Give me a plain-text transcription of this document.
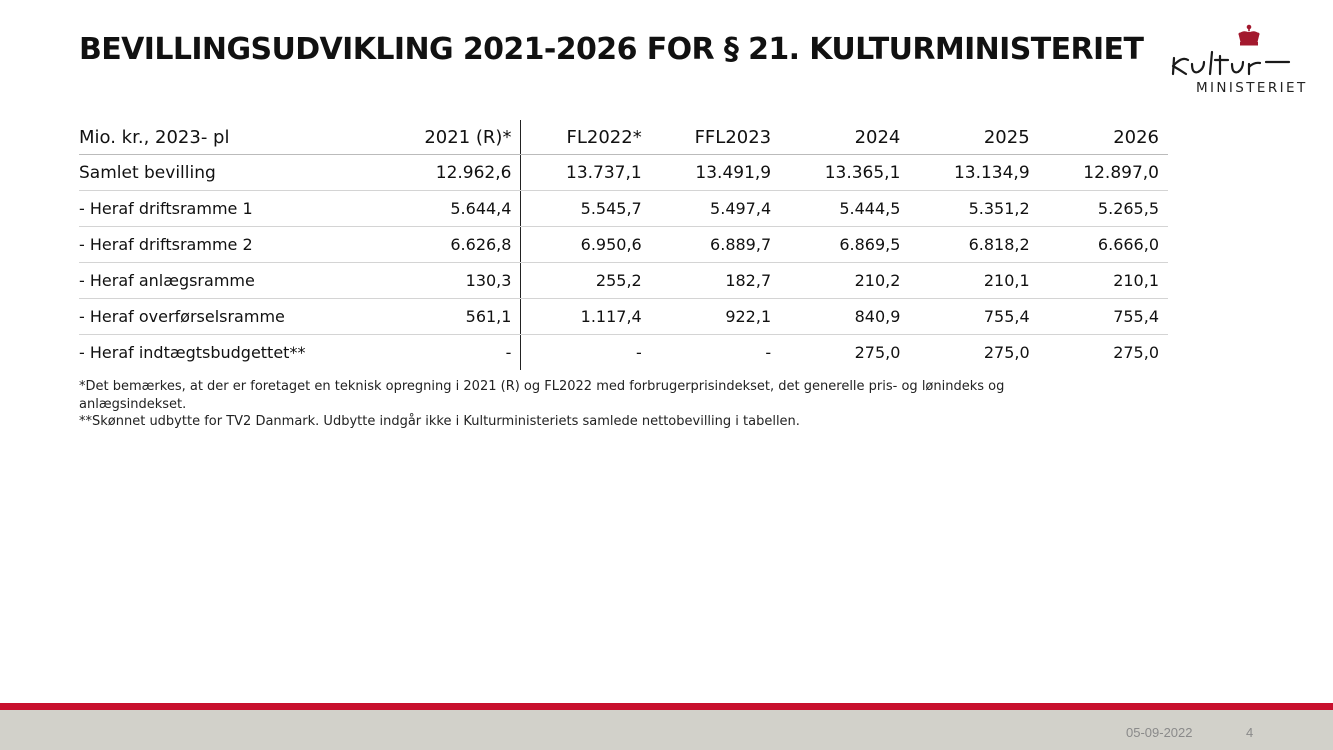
BEVILLINGSUDVIKLING 2021-2026 FOR § 21. KULTURMINISTERIET
MINISTERIET
Mio. kr., 2023- pl	2021 (R)*	FL2022*	FFL2023	2024	2025	2026
Samlet bevilling	12.962,6	13.737,1	13.491,9	13.365,1	13.134,9	12.897,0
- Heraf driftsramme 1	5.644,4	5.545,7	5.497,4	5.444,5	5.351,2	5.265,5
- Heraf driftsramme 2	6.626,8	6.950,6	6.889,7	6.869,5	6.818,2	6.666,0
- Heraf anlægsramme	130,3	255,2	182,7	210,2	210,1	210,1
- Heraf overførselsramme	561,1	1.117,4	922,1	840,9	755,4	755,4
- Heraf indtægtsbudgettet**	-	-	-	275,0	275,0	275,0

*Det bemærkes, at der er foretaget en teknisk opregning i 2021 (R) og FL2022 med forbrugerprisindekset, det generelle pris- og lønindeks og anlægsindekset.

**Skønnet udbytte for TV2 Danmark. Udbytte indgår ikke i Kulturministeriets samlede nettobevilling i tabellen.

05-09-2022	4
